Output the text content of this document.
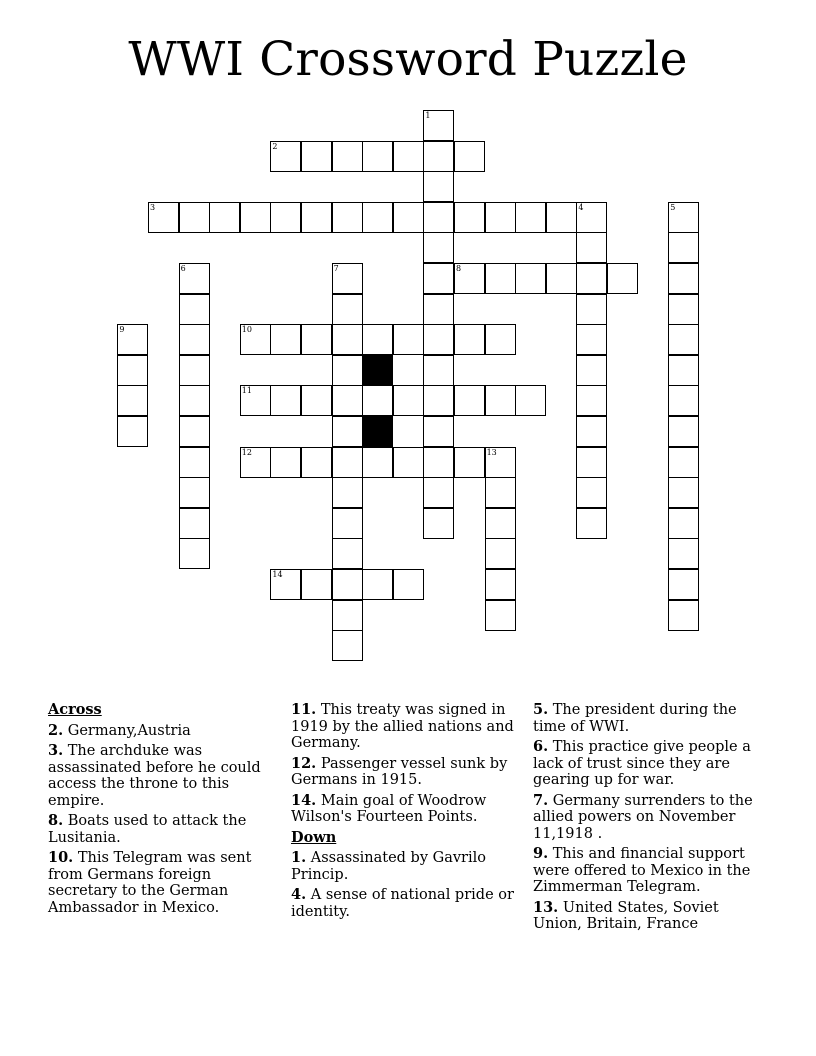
WWI Crossword Puzzle
1
2
3	4	5
6	7	8
9	10
11
12	13
14
Across
2. Germany,Austria
3. The archduke was assassinated before he could access the throne to this empire.
8. Boats used to attack the Lusitania.
10. This Telegram was sent from Germans foreign secretary to the German Ambassador in Mexico.
11. This treaty was signed in 1919 by the allied nations and Germany.
12. Passenger vessel sunk by Germans in 1915.
14. Main goal of Woodrow Wilson's Fourteen Points.
Down
1. Assassinated by Gavrilo Princip.
4. A sense of national pride or identity.
5. The president during the time of WWI.
6. This practice give people a lack of trust since they are gearing up for war.
7. Germany surrenders to the allied powers on November 11,1918 .
9. This and financial support were offered to Mexico in the Zimmerman Telegram.
13. United States, Soviet Union, Britain, France
